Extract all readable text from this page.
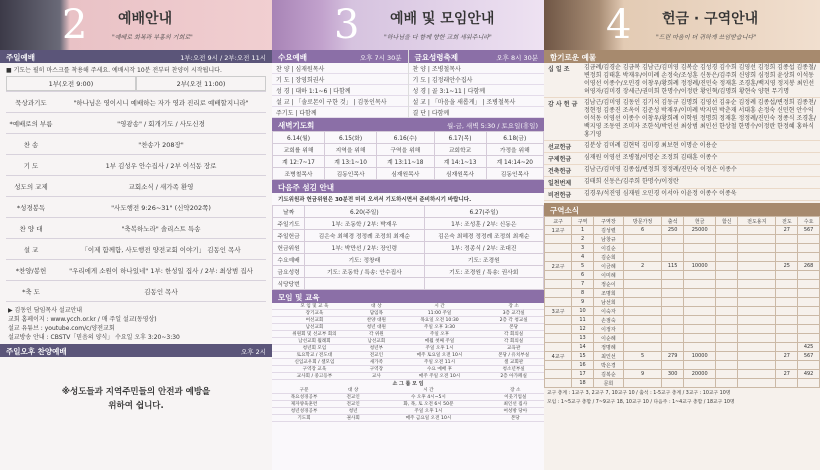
2 예배안내
"예배로 회복과 부흥의 기회로"
주일예배	1부:오전 9시 / 2부:오전 11시
■ 기도는 필히 마스크를 착용해 주세요. 예배시작 10분 전부터 찬양이 시작됩니다.
1부(오전 9:00)	2부(오전 11:00)
묵상과기도	"하나님은 영이시니 예배하는 자가 영과 진리로 예배할지니라"
*예배로의 부름	"영광송" / 회개기도 / 사도신경
찬 송	"찬송가 208장"
기 도	1부 김성우 안수집사 / 2부 이석동 장로
성도의 교제	교회소식 / 새가족 환영
*성경봉독	"사도행전 9:26~31" (신약202쪽)
찬 양 대	"축복하노라" 솔리스트 특송
설 교	「이제 함께함, 사도행전 양전교회 이야기」 김동인 목사
*찬양/봉헌	"우리에게 소원이 하나있네" 1부: 한성일 집사 / 2부: 최상범 집사
*축 도	김동인 목사
▶ 김동인 담임목사 설교안내
교회 홈페이지 : www.ycch.or.kr / 매 주일 설교(동영상)
설교 유튜브 : youtube.com/c/양전교회
설교방송 안내 : CBSTV「믿음의 양식」 수요일 오후 3:20~3:30
주일오후 찬양예배	오후 2시
※성도들과 지역주민들의 안전과 예방을
위하여 쉽니다.
3 예배 및 모임안내
"하나님을 다 함께 향한 교회 세워주니라"
수요예배	오후 7시 30분
찬 양 | 심재원목사
기 도 | 장영희권사
성 경 | 대하 1:1~6 | 다함께
설 교 | 「솔로몬이 구한 것」 | 김동인목사
주기도 | 다함께
금요성령축제	오후 8시 30분
찬 양 | 조병철목사
기 도 | 김정래안수집사
성 경 | 골 3:1~11 | 다함께
설 교 | 「마음을 새롭게」 | 조병철목사
결 단 | 다함께
새벽기도회	월-금, 새벽 5:30 / 토요일(휴일)
6.14(월)	6.15(화)	6.16(수)	6.17(목)	6.18(금)
교회를 위해	지역을 위해	구역을 위해	교회학교	가정을 위해
계 12:7~17	계 13:1~10	계 13:11~18	계 14:1~13	계 14:14~20
조병철목사	김동인목사	심재원목사	심재원목사	김동인목사
다음주 섬김 안내
기도위원과 헌금위원은 30분전 미리 오셔서 기도하시면서 준비하시기 바랍니다.
날짜	6.20(주일)	6.27(주일)
주일기도	1부: 조동학 / 2부: 박재우	1부: 조성훈 / 2부: 신동은
주일헌금	김은숙 최헤경 정정례 조정희 최재순	김은숙 최헤경 정정례 조정희 최재순
헌금위원	1부: 박만선 / 2부: 장인령	1부: 정종식 / 2부: 조대진
수요예배	기도: 정창래	기도: 조경원
금요성령	기도: 조동학 / 특송: 안수집사	기도: 조경원 / 특송: 권사회
식당당번		
모임 및 교육
모 임 및 교 육	대 상	시 간	장 소
장기교육	담임목	11:00 주일	3층 교각실
여선교회	찬양 대원	목요일 오전 10:30	2층 각 청교실
남선교회	청년 대원	주일 오후 3:30	본당
위원회 및 선교부 회의	각 위원	주일 오후	각 회의실
남선교회 월례회	남선교회	매월 첫째 주일	각 회의실
청년회 모임	청년부	주일 오후 1시	교육관
토요학교 / 전도대	전교인	매주 토요일 오전 10시	본당 / 유치부실
신입교우회 / 셀모임	새가족	주일 오전 11시	셀 교회관
구역장 교육	구역장	수요 예배 후	청소년부실
교사회 / 중고등부	교사	매주 주일 오전 10시	2층 아가페실
소 그 룹 모 임
구분	대 상	시 간	장 소
목요성경공부	전교인	수 오후 4시~5시	이웃기업실
제자양육훈련	전교인	화, 목, 토 오전 6시 50분	최인선 집사
청년성경공부	청년	주일 오후 1시	여성방 당아
기도회	권사회	매주 금요일 오전 10시	본당
4 헌금 · 구역안내
"드린 마음이 더 귀하게 쓰임받습니다"
함기로운 예물
십 일 조	김금례/김경순 김금복 김남근/김미영 김복순 김성경 김수희 김영선 김정희 김종섭 김종철/변정희 김태훈 박재우/이미례 손정숙/조성훈 신동은/김주희 신양희 심정희 윤상희 이석동 이영선 이종수/오민경 이창우/황희례 정정례/진민숙 정재훈 조경훈/백지영 정지봉 최인선 허영자/김미경 장세근/권미희 한명수/이정란 황인혁/김명희 황현숙 양현 무기명
감 사 헌 금	김남근/김미영 김동인 김기석 김동규 김명희 김영선 김유순 김정례 김종섭/변정희 김종천/정현정 김종진 조옥이 김준성 박재우/이미례 박지연 박춘재 서대흥 손정숙 신민현 안수익 이석동 이영선 이종수 이창우/황희례 이학원 정명희 정재훈 정정례/진민숙 정종식 조경훈/백지영 조동연 조미자 조한석/박인선 최상범 최인선 한상철 한명수/이정란 한정혜 홍하식 홍기영
선교헌금	김분상 김미례 김현덕 김미경 최보현 이명순 이용순
구제헌금	심재원 이영선 조병철/이명순 조정희 김태훈 이종수
건축헌금	김남근/김미영 김종섭/변정희 정정례/진민숙 이정은 이종수
일천번제	김태희 신동은/김주희 한명수/이정란
비전헌금	김경우/석진영 심재원 오민경 이서아 이윤정 이종수 이종욱
구역소식
교구	구역	구역장	방문가정	출석	헌금	함신	전도용지	전도	수요
1교구	1	김성렬	6	250	25000			27	567
	2	남창규							
	3	이길순							
	4	김순희							
2교구	5	이금례	2	115	10000			25	268
	6	이미례							
	7	정순이							
	8	조명희							
	9	남선희							
3교구	10	이숙자							
	11	손점숙							
	12	이정자							
	13	이순례							
	14	정명례							425
4교구	15	최인선	5	279	10000			27	567
	16	박은경							
	17	김복순	9	300	20000			27	492
	18	문희							
교구 총계 : 1교구 3, 2교구 7, 10교구 10 / 출석 : 1-5교구 총계 / 3교구 : 10교구 10명
모임 : 1~5교구 총합 / 7~9교구 18, 10교구 10 / 다음주 : 1~4교구 총합 / 18교구 10명
